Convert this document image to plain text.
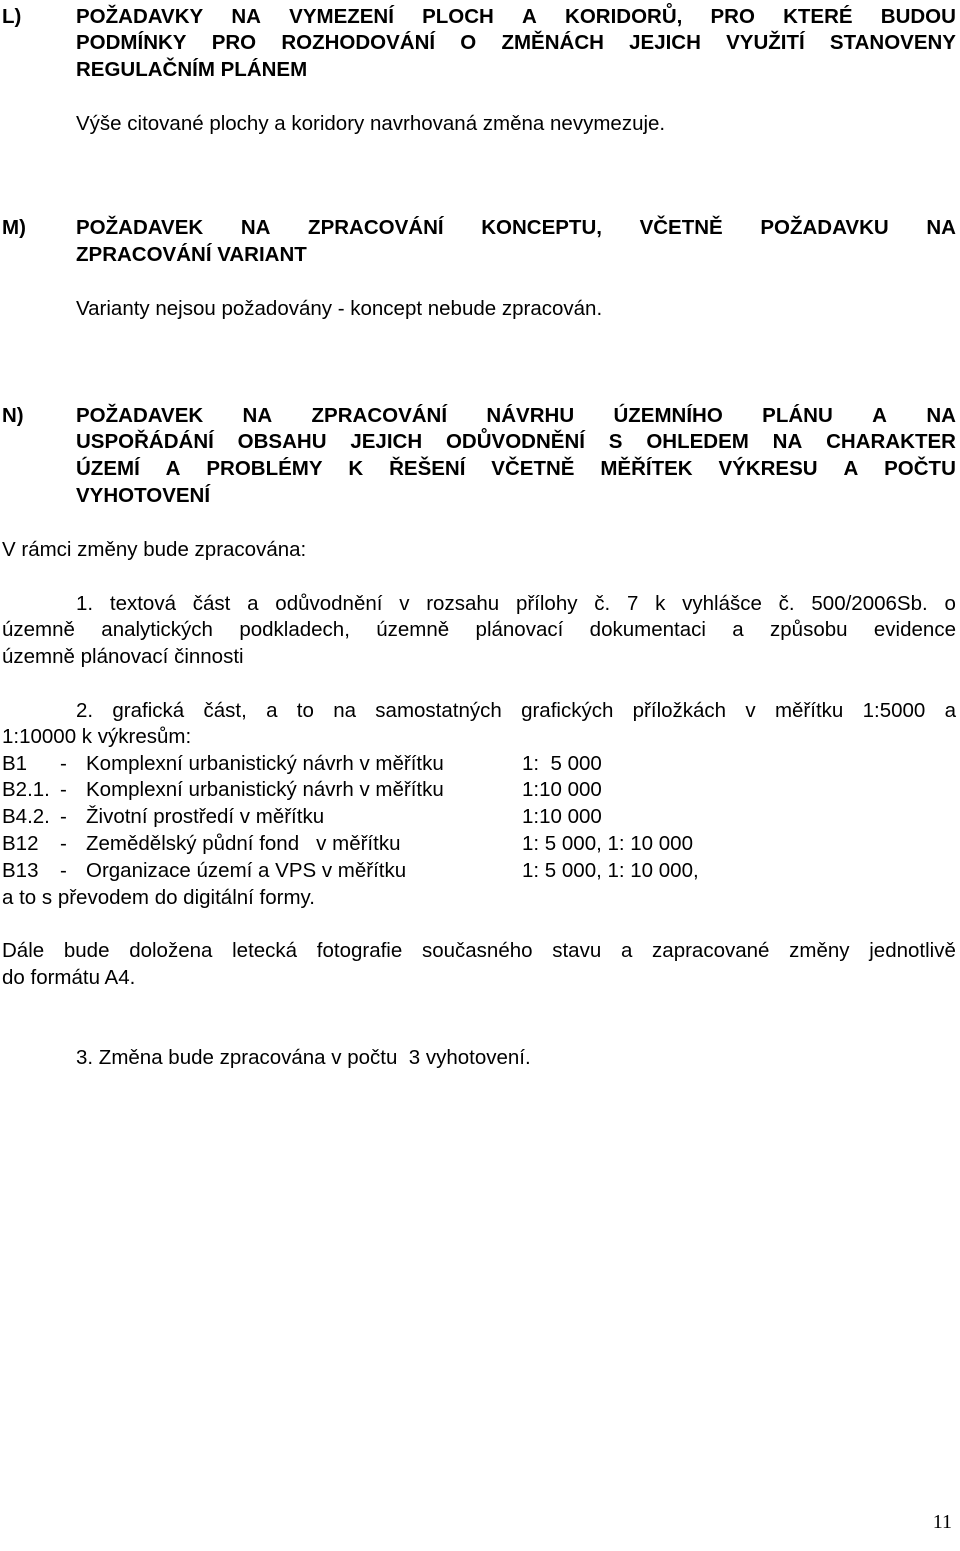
L)	POŽADAVKY NA VYMEZENÍ PLOCH A KORIDORŮ, PRO KTERÉ BUDOU
PODMÍNKY PRO ROZHODOVÁNÍ O ZMĚNÁCH JEJICH VYUŽITÍ STANOVENY
REGULAČNÍM PLÁNEM
Výše citované plochy a koridory navrhovaná změna nevymezuje.
M) POŽADAVEK NA ZPRACOVÁNÍ KONCEPTU, VČETNĚ POŽADAVKU NA
ZPRACOVÁNÍ VARIANT
Varianty nejsou požadovány - koncept nebude zpracován.
N)	POŽADAVEK NA ZPRACOVÁNÍ NÁVRHU ÚZEMNÍHO PLÁNU A NA
USPOŘÁDÁNÍ OBSAHU JEJICH ODŮVODNĚNÍ S OHLEDEM NA CHARAKTER
ÚZEMÍ A PROBLÉMY K ŘEŠENÍ VČETNĚ MĚŘÍTEK VÝKRESU A POČTU
VYHOTOVENÍ
V rámci změny bude zpracována:
1. textová část a odůvodnění v rozsahu přílohy č. 7 k vyhlášce č. 500/2006Sb. o
územně analytických podkladech, územně plánovací dokumentaci a způsobu evidence
územně plánovací činnosti
2. grafická část, a to na samostatných grafických příložkách v měřítku 1:5000 a
1:10000 k výkresům:
B1 - Komplexní urbanistický návrh v měřítku	1:  5 000
B2.1. - Komplexní urbanistický návrh v měřítku	1:10 000
B4.2. - Životní prostředí v měřítku	1:10 000
B12 - Zemědělský půdní fond   v měřítku	1: 5 000, 1: 10 000
B13 - Organizace území a VPS v měřítku	1: 5 000, 1: 10 000,
a to s převodem do digitální formy.
Dále bude doložena letecká fotografie současného stavu a zapracované změny jednotlivě
do formátu A4.
3. Změna bude zpracována v počtu  3 vyhotovení.
11
